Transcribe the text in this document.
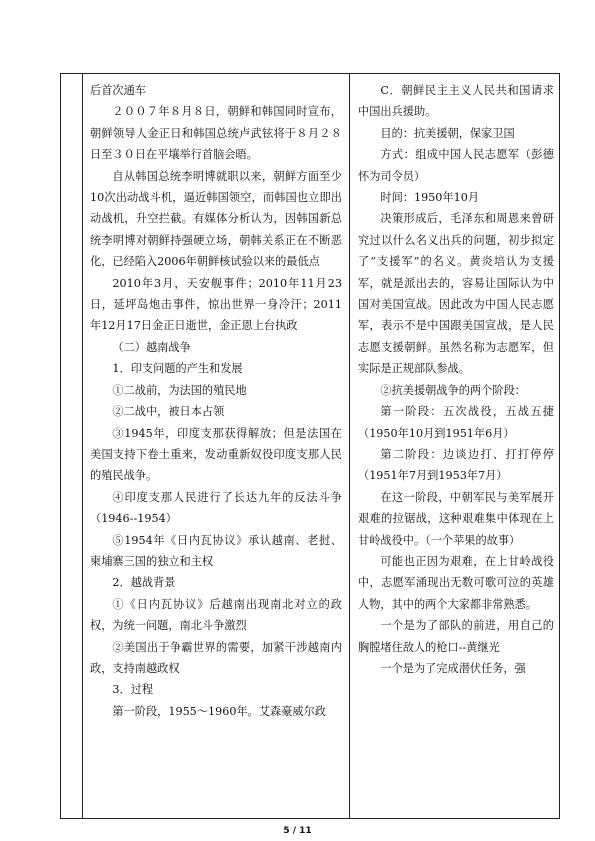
后首次通车

２００７年８月８日，朝鲜和韩国同时宣布，朝鲜领导人金正日和韩国总统卢武铉将于８月２８日至３０日在平壤举行首脑会晤。

自从韩国总统李明博就职以来，朝鲜方面至少10次出动战斗机，逼近韩国领空，而韩国也立即出动战机，升空拦截。有媒体分析认为，因韩国新总统李明博对朝鲜持强硬立场，朝韩关系正在不断恶化，已经陷入2006年朝鲜核试验以来的最低点

2010年3月，天安舰事件；2010年11月23日，延坪岛炮击事件，惊出世界一身冷汗；2011年12月17日金正日逝世，金正恩上台执政

（二）越南战争

1．印支问题的产生和发展

①二战前，为法国的殖民地

②二战中，被日本占领

③1945年，印度支那获得解放；但是法国在美国支持下卷土重来，发动重新奴役印度支那人民的殖民战争。

④印度支那人民进行了长达九年的反法斗争（1946--1954）

⑤1954年《日内瓦协议》承认越南、老挝、柬埔寨三国的独立和主权

2．越战背景

①《日内瓦协议》后越南出现南北对立的政权，为统一问题，南北斗争激烈

②美国出于争霸世界的需要，加紧干涉越南内政，支持南越政权

3．过程

第一阶段，1955～1960年。艾森豪威尔政

C．朝鲜民主主义人民共和国请求中国出兵援助。

目的：抗美援朝，保家卫国

方式：组成中国人民志愿军（彭德怀为司令员）

时间：1950年10月

决策形成后，毛泽东和周恩来曾研究过以什么名义出兵的问题，初步拟定了“支援军”的名义。黄炎培认为支援军，就是派出去的，容易让国际认为中国对美国宣战。因此改为中国人民志愿军，表示不是中国跟美国宣战，是人民志愿支援朝鲜。虽然名称为志愿军，但实际是正规部队参战。

②抗美援朝战争的两个阶段：

第一阶段：五次战役，五战五捷（1950年10月到1951年6月）

第二阶段：边谈边打、打打停停（1951年7月到1953年7月）

在这一阶段，中朝军民与美军展开艰难的拉锯战，这种艰难集中体现在上甘岭战役中。（一个苹果的故事）

可能也正因为艰难，在上甘岭战役中，志愿军涌现出无数可歌可泣的英雄人物，其中的两个大家都非常熟悉。

一个是为了部队的前进，用自己的胸膛堵住敌人的枪口--黄继光

一个是为了完成潜伏任务，强

5 / 11
